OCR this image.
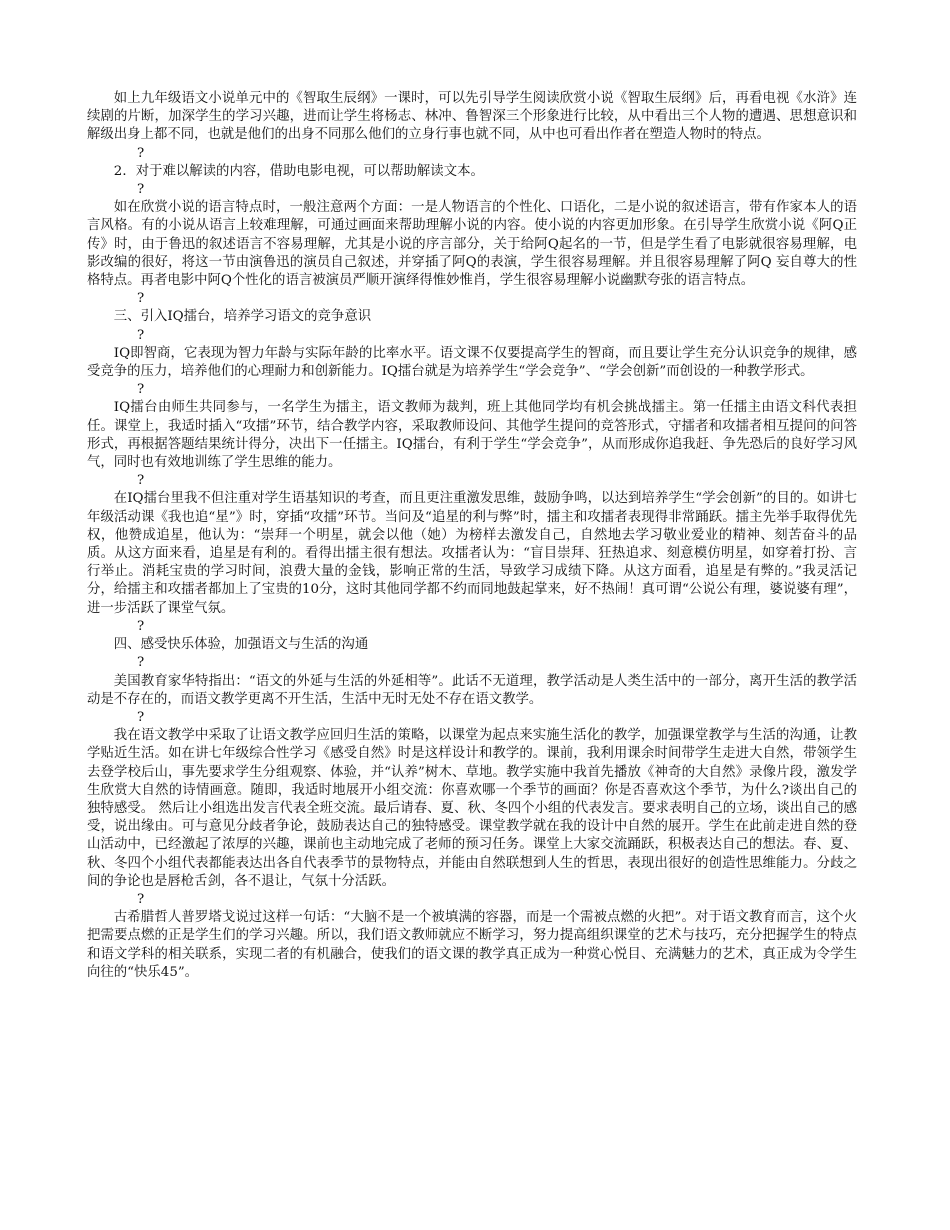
如上九年级语文小说单元中的《智取生辰纲》一课时，可以先引导学生阅读欣赏小说《智取生辰纲》后，再看电视《水浒》连续剧的片断，加深学生的学习兴趣，进而让学生将杨志、林冲、鲁智深三个形象进行比较，从中看出三个人物的遭遇、思想意识和解级出身上都不同，也就是他们的出身不同那么他们的立身行事也就不同，从中也可看出作者在塑造人物时的特点。

?

2．对于难以解读的内容，借助电影电视，可以帮助解读文本。

?

如在欣赏小说的语言特点时，一般注意两个方面：一是人物语言的个性化、口语化，二是小说的叙述语言，带有作家本人的语言风格。有的小说从语言上较难理解，可通过画面来帮助理解小说的内容。使小说的内容更加形象。在引导学生欣赏小说《阿Q正传》时，由于鲁迅的叙述语言不容易理解，尤其是小说的序言部分，关于给阿Q起名的一节，但是学生看了电影就很容易理解，电影改编的很好，将这一节由演鲁迅的演员自己叙述，并穿插了阿Q的表演，学生很容易理解。并且很容易理解了阿Q 妄自尊大的性格特点。再者电影中阿Q个性化的语言被演员严顺开演绎得惟妙惟肖，学生很容易理解小说幽默夸张的语言特点。

?

三、引入IQ擂台，培养学习语文的竞争意识

?

IQ即智商，它表现为智力年龄与实际年龄的比率水平。语文课不仅要提高学生的智商，而且要让学生充分认识竞争的规律，感受竞争的压力，培养他们的心理耐力和创新能力。IQ擂台就是为培养学生“学会竞争”、“学会创新”而创设的一种教学形式。

?

IQ擂台由师生共同参与，一名学生为擂主，语文教师为裁判，班上其他同学均有机会挑战擂主。第一任擂主由语文科代表担任。课堂上，我适时插入“攻擂”环节，结合教学内容，采取教师设问、其他学生提问的竞答形式，守擂者和攻擂者相互提问的问答形式，再根据答题结果统计得分，决出下一任擂主。IQ擂台，有利于学生“学会竞争”，从而形成你追我赶、争先恐后的良好学习风气，同时也有效地训练了学生思维的能力。

?

在IQ擂台里我不但注重对学生语基知识的考查，而且更注重激发思维，鼓励争鸣，以达到培养学生“学会创新”的目的。如讲七年级活动课《我也追“星”》时，穿插“攻擂”环节。当问及“追星的利与弊”时，擂主和攻擂者表现得非常踊跃。擂主先举手取得优先权，他赞成追星，他认为：“崇拜一个明星，就会以他（她）为榜样去激发自己，自然地去学习敬业爱业的精神、刻苦奋斗的品质。从这方面来看，追星是有利的。看得出擂主很有想法。攻擂者认为：“盲目崇拜、狂热追求、刻意模仿明星，如穿着打扮、言行举止。消耗宝贵的学习时间，浪费大量的金钱，影响正常的生活，导致学习成绩下降。从这方面看，追星是有弊的。”我灵活记分，给擂主和攻擂者都加上了宝贵的10分，这时其他同学都不约而同地鼓起掌来，好不热闹！真可谓“公说公有理，婆说婆有理”，进一步活跃了课堂气氛。

?

四、感受快乐体验，加强语文与生活的沟通

?

美国教育家华特指出：“语文的外延与生活的外延相等”。此话不无道理，教学活动是人类生活中的一部分，离开生活的教学活动是不存在的，而语文教学更离不开生活，生活中无时无处不存在语文教学。

?

我在语文教学中采取了让语文教学应回归生活的策略，以课堂为起点来实施生活化的教学，加强课堂教学与生活的沟通，让教学贴近生活。如在讲七年级综合性学习《感受自然》时是这样设计和教学的。课前，我利用课余时间带学生走进大自然，带领学生去登学校后山，事先要求学生分组观察、体验，并“认养”树木、草地。教学实施中我首先播放《神奇的大自然》录像片段，激发学生欣赏大自然的诗情画意。随即，我适时地展开小组交流：你喜欢哪一个季节的画面？你是否喜欢这个季节，为什么?谈出自己的独特感受。 然后让小组选出发言代表全班交流。最后请春、夏、秋、冬四个小组的代表发言。要求表明自己的立场，谈出自己的感受，说出缘由。可与意见分歧者争论，鼓励表达自己的独特感受。课堂教学就在我的设计中自然的展开。学生在此前走进自然的登山活动中，已经激起了浓厚的兴趣，课前也主动地完成了老师的预习任务。课堂上大家交流踊跃，积极表达自己的想法。春、夏、秋、冬四个小组代表都能表达出各自代表季节的景物特点，并能由自然联想到人生的哲思，表现出很好的创造性思维能力。分歧之间的争论也是唇枪舌剑，各不退让，气氛十分活跃。

?

古希腊哲人普罗塔戈说过这样一句话：“大脑不是一个被填满的容器，而是一个需被点燃的火把”。对于语文教育而言，这个火把需要点燃的正是学生们的学习兴趣。所以，我们语文教师就应不断学习，努力提高组织课堂的艺术与技巧，充分把握学生的特点和语文学科的相关联系，实现二者的有机融合，使我们的语文课的教学真正成为一种赏心悦目、充满魅力的艺术，真正成为令学生向往的“快乐45”。
